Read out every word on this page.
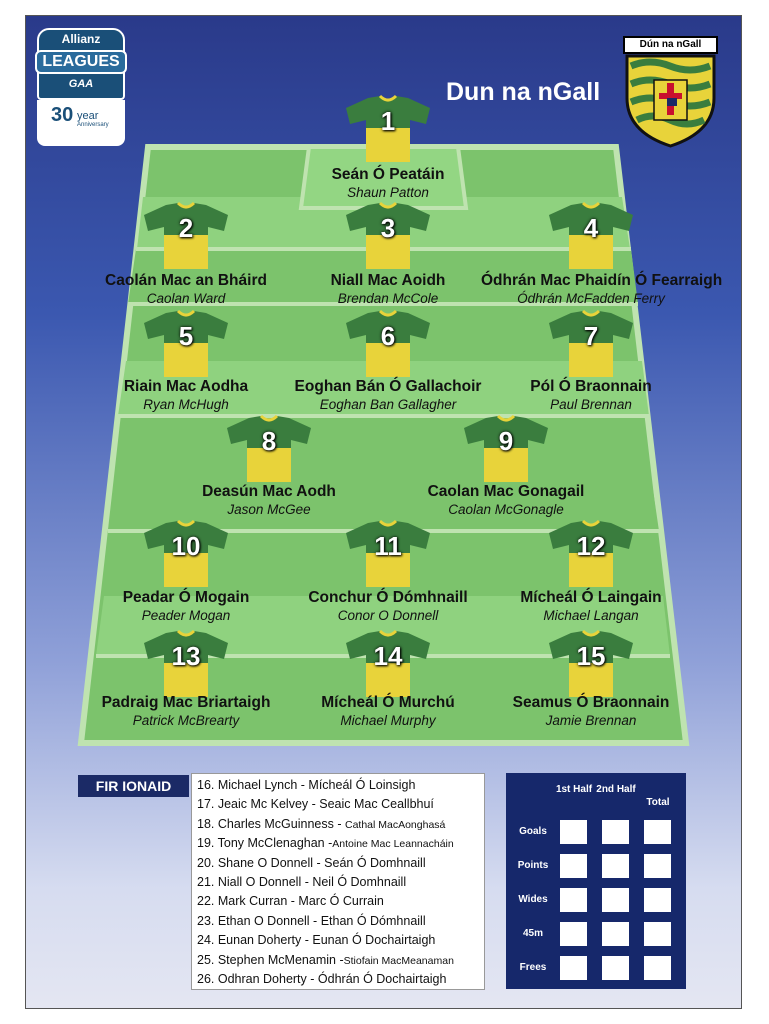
Allianz
LEAGUES
GAA
30 year
Anniversary
Dun na nGall
Dún na nGall
1
Seán Ó Peatáin
Shaun Patton
2
Caolán Mac an Bháird
Caolan Ward
3
Niall Mac Aoidh
Brendan McCole
4
Ódhrán Mac Phaidín Ó Fearraigh
Ódhrán McFadden Ferry
5
Riain Mac Aodha
Ryan McHugh
6
Eoghan Bán Ó Gallachoir
Eoghan Ban Gallagher
7
Pól Ó Braonnain
Paul Brennan
8
Deasún Mac Aodh
Jason McGee
9
Caolan Mac Gonagail
Caolan McGonagle
10
Peadar Ó Mogain
Peader Mogan
11
Conchur Ó Dómhnaill
Conor O Donnell
12
Mícheál Ó Laingain
Michael Langan
13
Padraig Mac Briartaigh
Patrick McBrearty
14
Mícheál Ó Murchú
Michael Murphy
15
Seamus Ó Braonnain
Jamie Brennan
FIR IONAID	16. Michael Lynch - Mícheál Ó Loinsigh
17. Jeaic Mc Kelvey - Seaic Mac Ceallbhuí
18. Charles McGuinness - Cathal MacAonghasá
19. Tony McClenaghan -Antoine Mac Leannacháin
20. Shane O Donnell - Seán Ó Domhnaill
21. Niall O Donnell - Neil Ó Domhnaill
22. Mark Curran - Marc Ó Currain
23. Ethan O Donnell - Ethan Ó Dómhnaill
24. Eunan Doherty - Eunan Ó Dochairtaigh
25. Stephen McMenamin -Stiofain MacMeanaman
26. Odhran Doherty - Ódhrán Ó Dochairtaigh
1st Half 2nd Half
Total
Goals
Points
Wides
45m
Frees
